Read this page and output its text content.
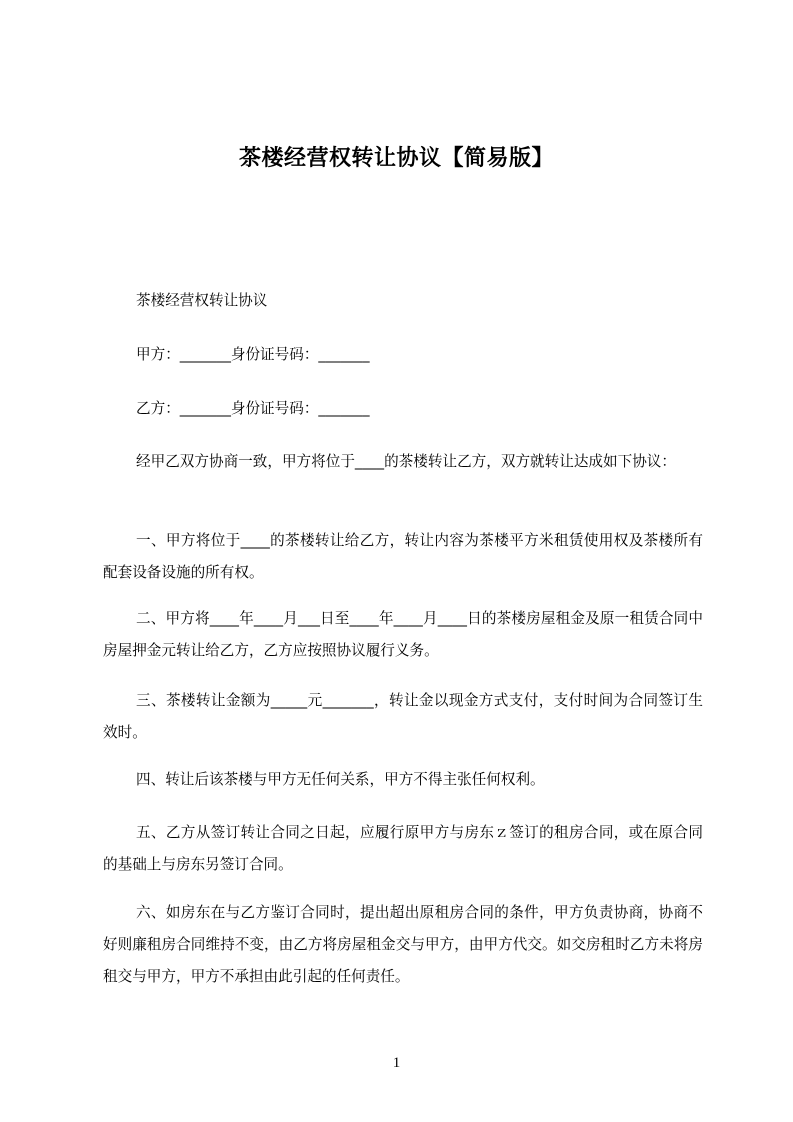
茶楼经营权转让协议【简易版】
茶楼经营权转让协议
甲方：_______身份证号码：_______
乙方：_______身份证号码：_______
经甲乙双方协商一致，甲方将位于____的茶楼转让乙方，双方就转让达成如下协议：
一、甲方将位于____的茶楼转让给乙方，转让内容为茶楼平方米租赁使用权及茶楼所有配套设备设施的所有权。
二、甲方将____年____月___日至____年____月____日的茶楼房屋租金及原一租赁合同中房屋押金元转让给乙方，乙方应按照协议履行义务。
三、茶楼转让金额为_____元_______，转让金以现金方式支付，支付时间为合同签订生效时。
四、转让后该茶楼与甲方无任何关系，甲方不得主张任何权利。
五、乙方从签订转让合同之日起，应履行原甲方与房东ｚ签订的租房合同，或在原合同的基础上与房东另签订合同。
六、如房东在与乙方鉴订合同时，提出超出原租房合同的条件，甲方负责协商，协商不好则廉租房合同维持不变，由乙方将房屋租金交与甲方，由甲方代交。如交房租时乙方未将房租交与甲方，甲方不承担由此引起的任何责任。
1
